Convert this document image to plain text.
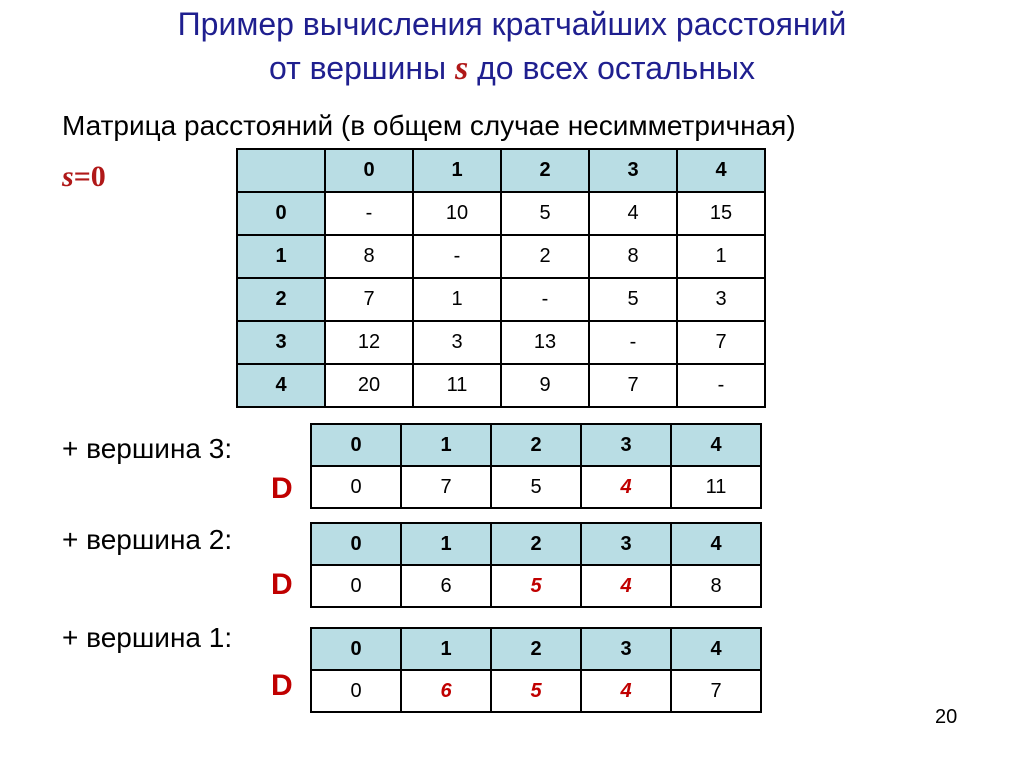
Пример вычисления кратчайших расстояний
от вершины s до всех остальных
Матрица расстояний (в общем случае несимметричная)
s=0
		0	1	2	3	4
0	-	10	5	4	15
1	8	-	2	8	1
2	7	1	-	5	3
3	12	3	13	-	7
4	20	11	9	7	-
+ вершина 3:
D
0	1	2	3	4
0	7	5	4	11
+ вершина 2:
D
0	1	2	3	4
0	6	5	4	8
+ вершина 1:
D
0	1	2	3	4
0	6	5	4	7
20
